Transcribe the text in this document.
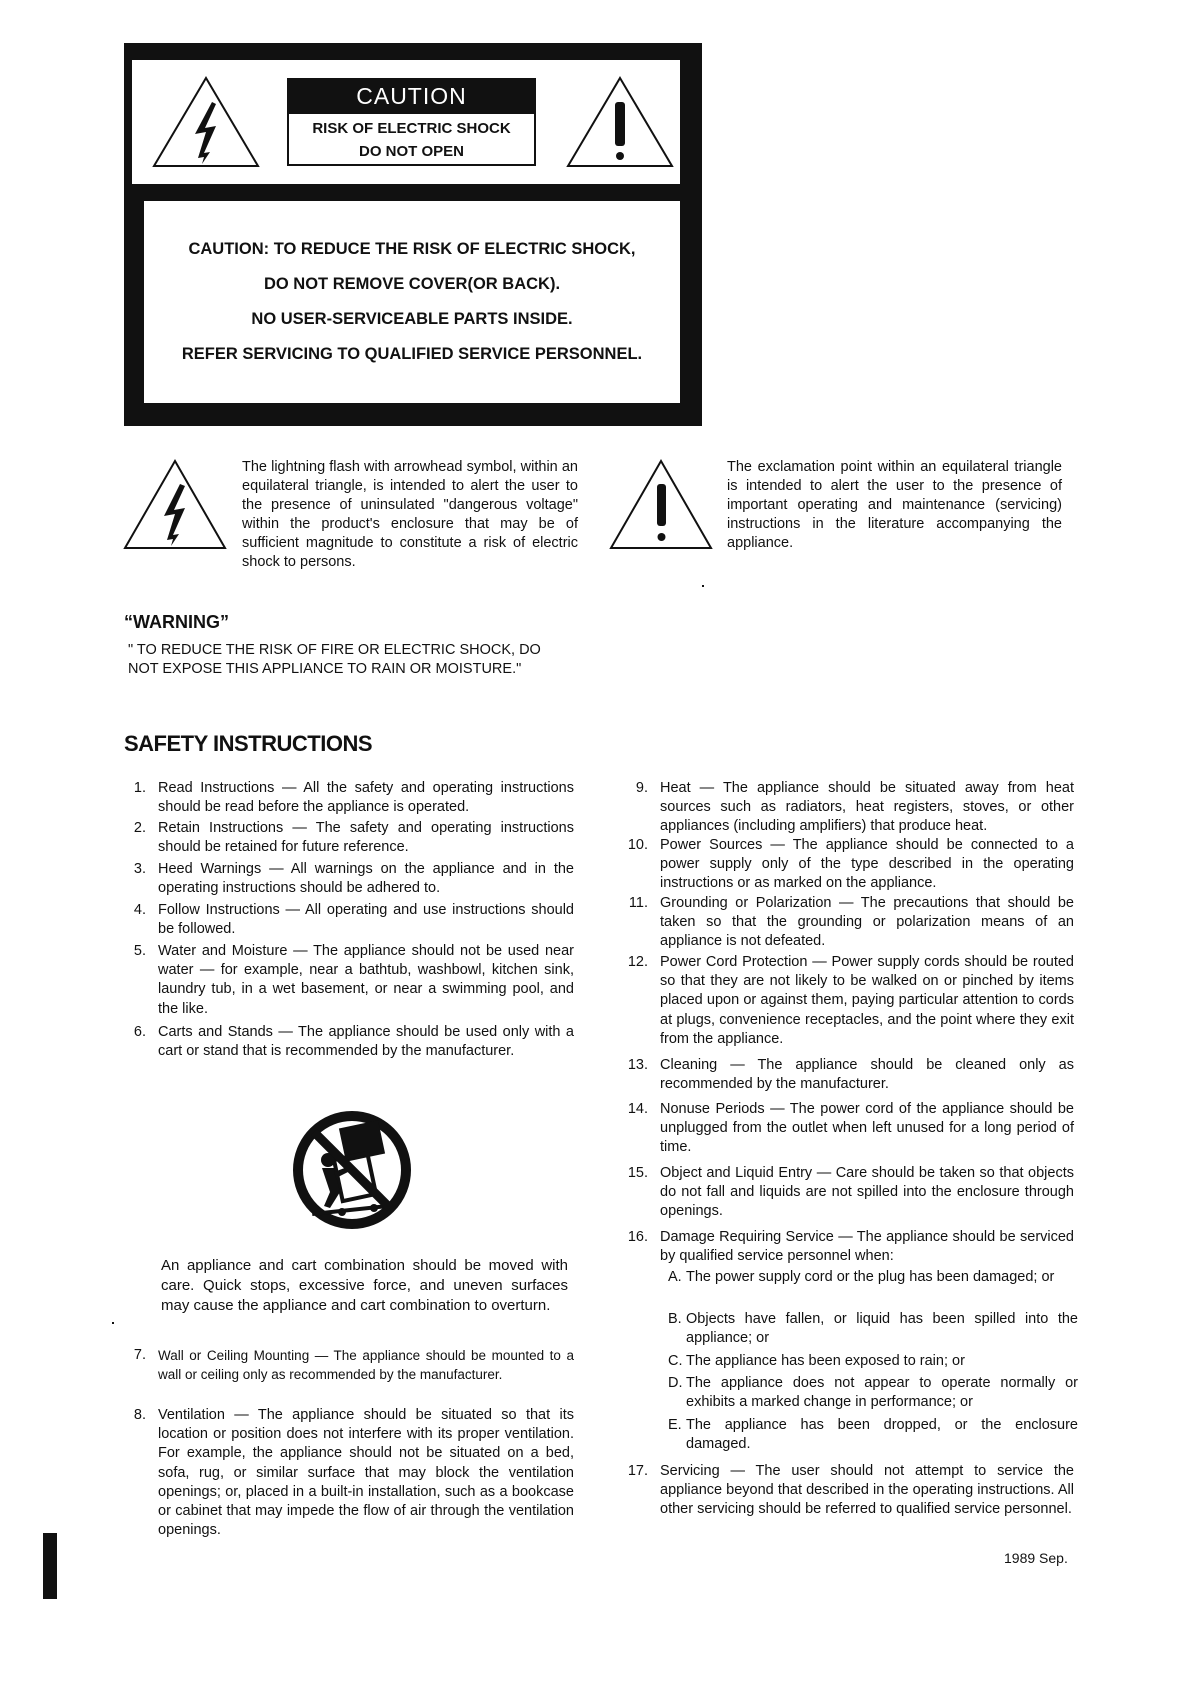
CAUTION
RISK OF ELECTRIC SHOCK
DO NOT OPEN
CAUTION: TO REDUCE THE RISK OF ELECTRIC SHOCK,
DO NOT REMOVE COVER(OR BACK).
NO USER-SERVICEABLE PARTS INSIDE.
REFER SERVICING TO QUALIFIED SERVICE PERSONNEL.
The lightning flash with arrowhead symbol, within an equilateral triangle, is intended to alert the user to the presence of uninsulated "dangerous voltage" within the product's enclosure that may be of sufficient magnitude to constitute a risk of electric shock to persons.
The exclamation point within an equilateral triangle is intended to alert the user to the presence of important operating and maintenance (servicing) instructions in the literature accompanying the appliance.
“WARNING”
" TO REDUCE THE RISK OF FIRE OR ELECTRIC SHOCK, DO NOT EXPOSE THIS APPLIANCE TO RAIN OR MOISTURE."
SAFETY INSTRUCTIONS
1. Read Instructions — All the safety and operating instructions should be read before the appliance is operated.
2. Retain Instructions — The safety and operating instructions should be retained for future reference.
3. Heed Warnings — All warnings on the appliance and in the operating instructions should be adhered to.
4. Follow Instructions — All operating and use instructions should be followed.
5. Water and Moisture — The appliance should not be used near water — for example, near a bathtub, washbowl, kitchen sink, laundry tub, in a wet basement, or near a swimming pool, and the like.
6. Carts and Stands — The appliance should be used only with a cart or stand that is recommended by the manufacturer.
An appliance and cart combination should be moved with care. Quick stops, excessive force, and uneven surfaces may cause the appliance and cart combination to overturn.
7. Wall or Ceiling Mounting — The appliance should be mounted to a wall or ceiling only as recommended by the manufacturer.
8. Ventilation — The appliance should be situated so that its location or position does not interfere with its proper ventilation. For example, the appliance should not be situated on a bed, sofa, rug, or similar surface that may block the ventilation openings; or, placed in a built-in installation, such as a bookcase or cabinet that may impede the flow of air through the ventilation openings.
9. Heat — The appliance should be situated away from heat sources such as radiators, heat registers, stoves, or other appliances (including amplifiers) that produce heat.
10. Power Sources — The appliance should be connected to a power supply only of the type described in the operating instructions or as marked on the appliance.
11. Grounding or Polarization — The precautions that should be taken so that the grounding or polarization means of an appliance is not defeated.
12. Power Cord Protection — Power supply cords should be routed so that they are not likely to be walked on or pinched by items placed upon or against them, paying particular attention to cords at plugs, convenience receptacles, and the point where they exit from the appliance.
13. Cleaning — The appliance should be cleaned only as recommended by the manufacturer.
14. Nonuse Periods — The power cord of the appliance should be unplugged from the outlet when left unused for a long period of time.
15. Object and Liquid Entry — Care should be taken so that objects do not fall and liquids are not spilled into the enclosure through openings.
16. Damage Requiring Service — The appliance should be serviced by qualified service personnel when:
A. The power supply cord or the plug has been damaged; or
B. Objects have fallen, or liquid has been spilled into the appliance; or
C. The appliance has been exposed to rain; or
D. The appliance does not appear to operate normally or exhibits a marked change in performance; or
E. The appliance has been dropped, or the enclosure damaged.
17. Servicing — The user should not attempt to service the appliance beyond that described in the operating instructions. All other servicing should be referred to qualified service personnel.
1989 Sep.
